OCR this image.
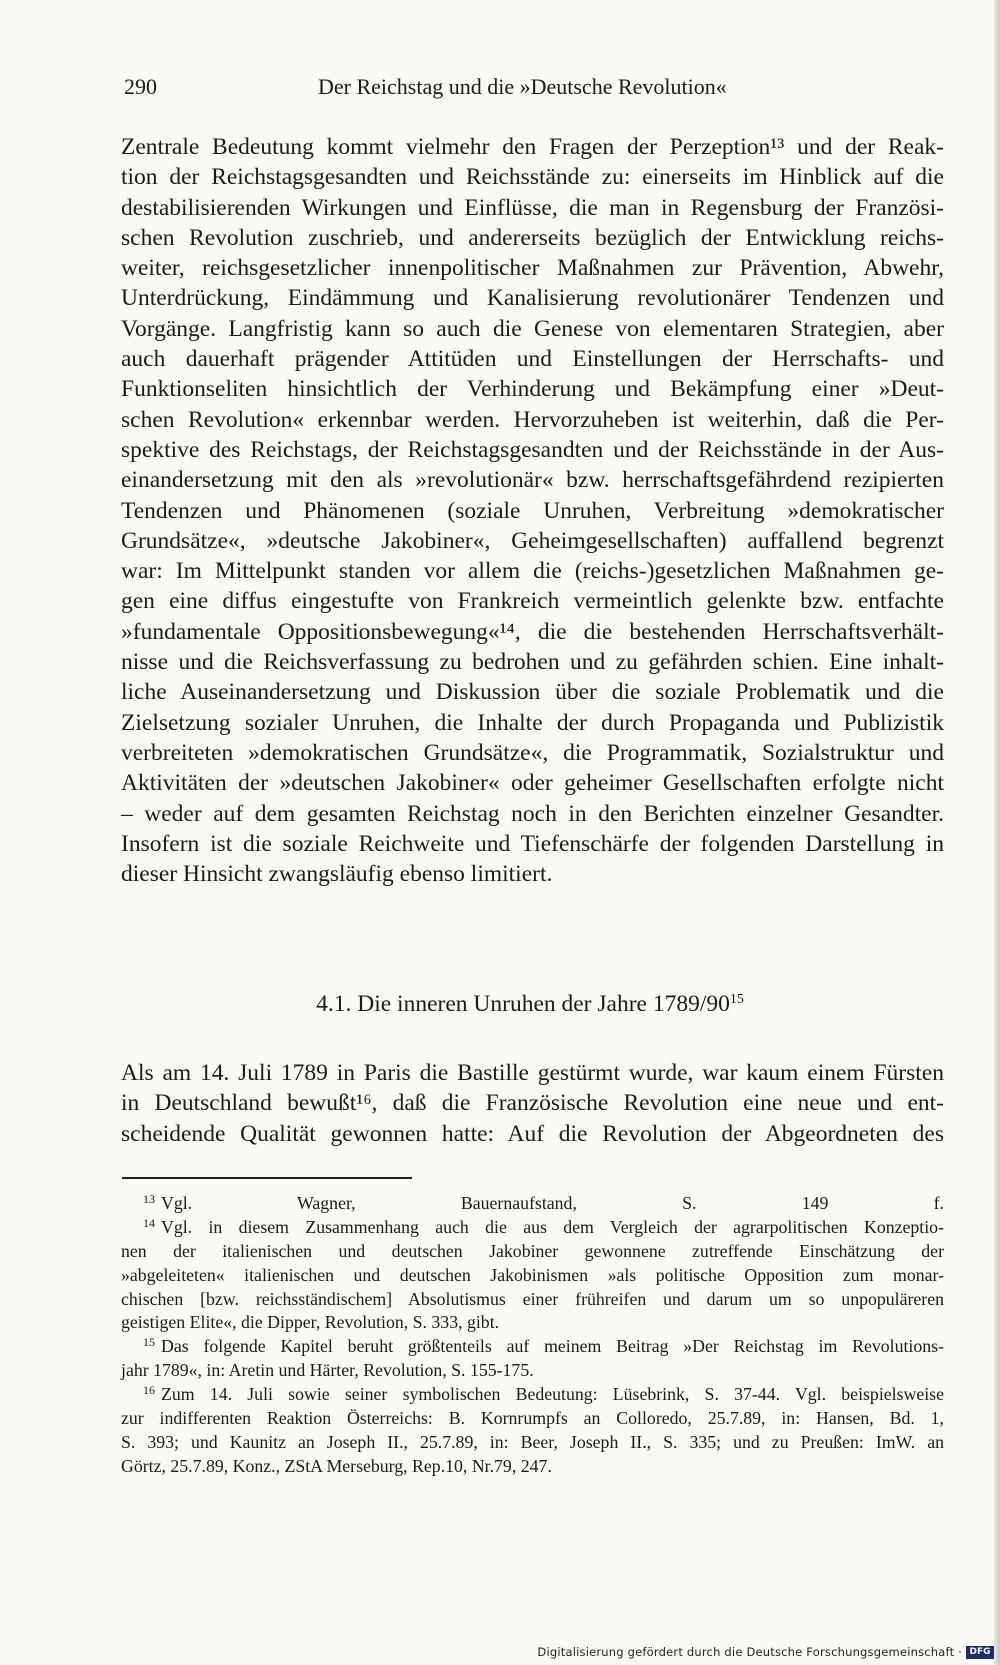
290	Der Reichstag und die »Deutsche Revolution«
Zentrale Bedeutung kommt vielmehr den Fragen der Perzeption¹³ und der Reak-
tion der Reichstagsgesandten und Reichsstände zu: einerseits im Hinblick auf die
destabilisierenden Wirkungen und Einflüsse, die man in Regensburg der Französi-
schen Revolution zuschrieb, und andererseits bezüglich der Entwicklung reichs-
weiter, reichsgesetzlicher innenpolitischer Maßnahmen zur Prävention, Abwehr,
Unterdrückung, Eindämmung und Kanalisierung revolutionärer Tendenzen und
Vorgänge. Langfristig kann so auch die Genese von elementaren Strategien, aber
auch dauerhaft prägender Attitüden und Einstellungen der Herrschafts- und
Funktionseliten hinsichtlich der Verhinderung und Bekämpfung einer »Deut-
schen Revolution« erkennbar werden. Hervorzuheben ist weiterhin, daß die Per-
spektive des Reichstags, der Reichstagsgesandten und der Reichsstände in der Aus-
einandersetzung mit den als »revolutionär« bzw. herrschaftsgefährdend rezipierten
Tendenzen und Phänomenen (soziale Unruhen, Verbreitung »demokratischer
Grundsätze«, »deutsche Jakobiner«, Geheimgesellschaften) auffallend begrenzt
war: Im Mittelpunkt standen vor allem die (reichs-)gesetzlichen Maßnahmen ge-
gen eine diffus eingestufte von Frankreich vermeintlich gelenkte bzw. entfachte
»fundamentale Oppositionsbewegung«¹⁴, die die bestehenden Herrschaftsverhält-
nisse und die Reichsverfassung zu bedrohen und zu gefährden schien. Eine inhalt-
liche Auseinandersetzung und Diskussion über die soziale Problematik und die
Zielsetzung sozialer Unruhen, die Inhalte der durch Propaganda und Publizistik
verbreiteten »demokratischen Grundsätze«, die Programmatik, Sozialstruktur und
Aktivitäten der »deutschen Jakobiner« oder geheimer Gesellschaften erfolgte nicht
– weder auf dem gesamten Reichstag noch in den Berichten einzelner Gesandter.
Insofern ist die soziale Reichweite und Tiefenschärfe der folgenden Darstellung in
dieser Hinsicht zwangsläufig ebenso limitiert.
4.1. Die inneren Unruhen der Jahre $1789/90^{15}$
Als am 14. Juli 1789 in Paris die Bastille gestürmt wurde, war kaum einem Fürsten
in Deutschland bewußt¹⁶, daß die Französische Revolution eine neue und ent-
scheidende Qualität gewonnen hatte: Auf die Revolution der Abgeordneten des
$^{13}$ Vgl. Wagner, Bauernaufstand, S. 149 f.
$^{14}$ Vgl. in diesem Zusammenhang auch die aus dem Vergleich der agrarpolitischen Konzeptio-
nen der italienischen und deutschen Jakobiner gewonnene zutreffende Einschätzung der
»abgeleiteten« italienischen und deutschen Jakobinismen »als politische Opposition zum monar-
chischen [bzw. reichsständischem] Absolutismus einer frühreifen und darum um so unpopuläreren
geistigen Elite«, die Dipper, Revolution, S. 333, gibt.
$^{15}$ Das folgende Kapitel beruht größtenteils auf meinem Beitrag »Der Reichstag im Revolutions-
jahr 1789«, in: Aretin und Härter, Revolution, S. 155-175.
$^{16}$ Zum 14. Juli sowie seiner symbolischen Bedeutung: Lüsebrink, S. 37-44. Vgl. beispielsweise
zur indifferenten Reaktion Österreichs: B. Kornrumpfs an Colloredo, 25.7.89, in: Hansen, Bd. 1,
S. 393; und Kaunitz an Joseph II., 25.7.89, in: Beer, Joseph II., S. 335; und zu Preußen: ImW. an
Görtz, 25.7.89, Konz., ZStA Merseburg, Rep.10, Nr.79, 247.
Digitalisierung gefördert durch die Deutsche Forschungsgemeinschaft · DFG
